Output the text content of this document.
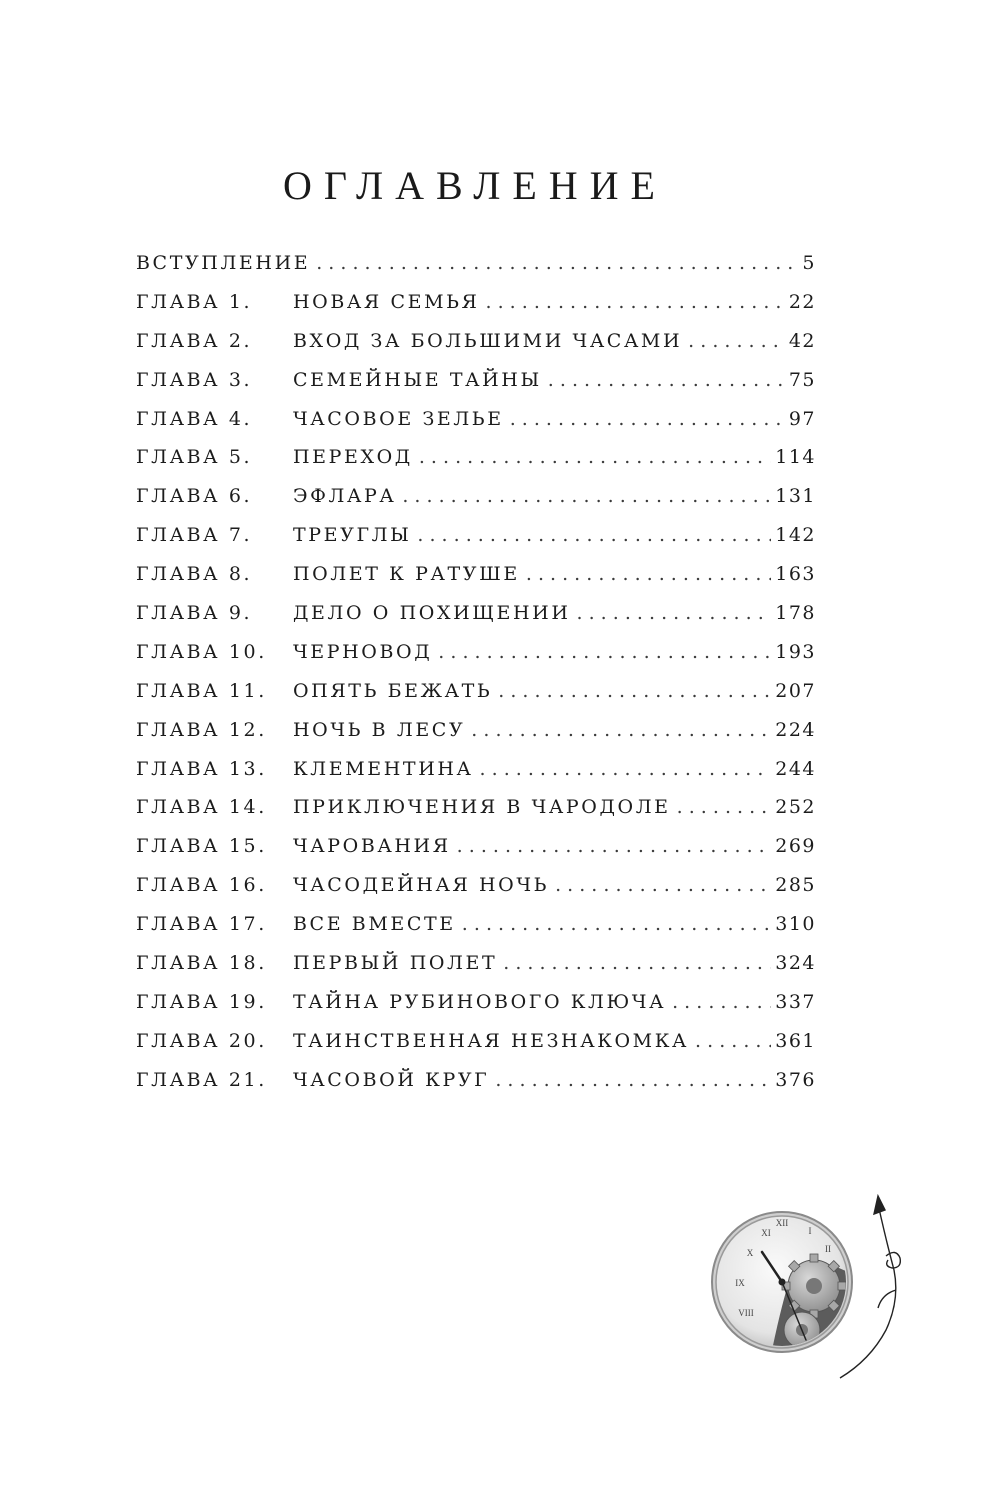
ОГЛАВЛЕНИЕ
ВСТУПЛЕНИЕ . . .	5
ГЛАВА 1.	НОВАЯ СЕМЬЯ . . .	22
ГЛАВА 2.	ВХОД ЗА БОЛЬШИМИ ЧАСАМИ . . .	42
ГЛАВА 3.	СЕМЕЙНЫЕ ТАЙНЫ . . .	75
ГЛАВА 4.	ЧАСОВОЕ ЗЕЛЬЕ . . .	97
ГЛАВА 5.	ПЕРЕХОД . . .	114
ГЛАВА 6.	ЭФЛАРА . . .	131
ГЛАВА 7.	ТРЕУГЛЫ . . .	142
ГЛАВА 8.	ПОЛЕТ К РАТУШЕ . . .	163
ГЛАВА 9.	ДЕЛО О ПОХИЩЕНИИ . . .	178
ГЛАВА 10.	ЧЕРНОВОД . . .	193
ГЛАВА 11.	ОПЯТЬ БЕЖАТЬ . . .	207
ГЛАВА 12.	НОЧЬ В ЛЕСУ . . .	224
ГЛАВА 13.	КЛЕМЕНТИНА . . .	244
ГЛАВА 14.	ПРИКЛЮЧЕНИЯ В ЧАРОДОЛЕ . . .	252
ГЛАВА 15.	ЧАРОВАНИЯ . . .	269
ГЛАВА 16.	ЧАСОДЕЙНАЯ НОЧЬ . . .	285
ГЛАВА 17.	ВСЕ ВМЕСТЕ . . .	310
ГЛАВА 18.	ПЕРВЫЙ ПОЛЕТ . . .	324
ГЛАВА 19.	ТАЙНА РУБИНОВОГО КЛЮЧА . . .	337
ГЛАВА 20.	ТАИНСТВЕННАЯ НЕЗНАКОМКА . . .	361
ГЛАВА 21.	ЧАСОВОЙ КРУГ . . .	376
XII
I
II
IX
X
XI
VIII
